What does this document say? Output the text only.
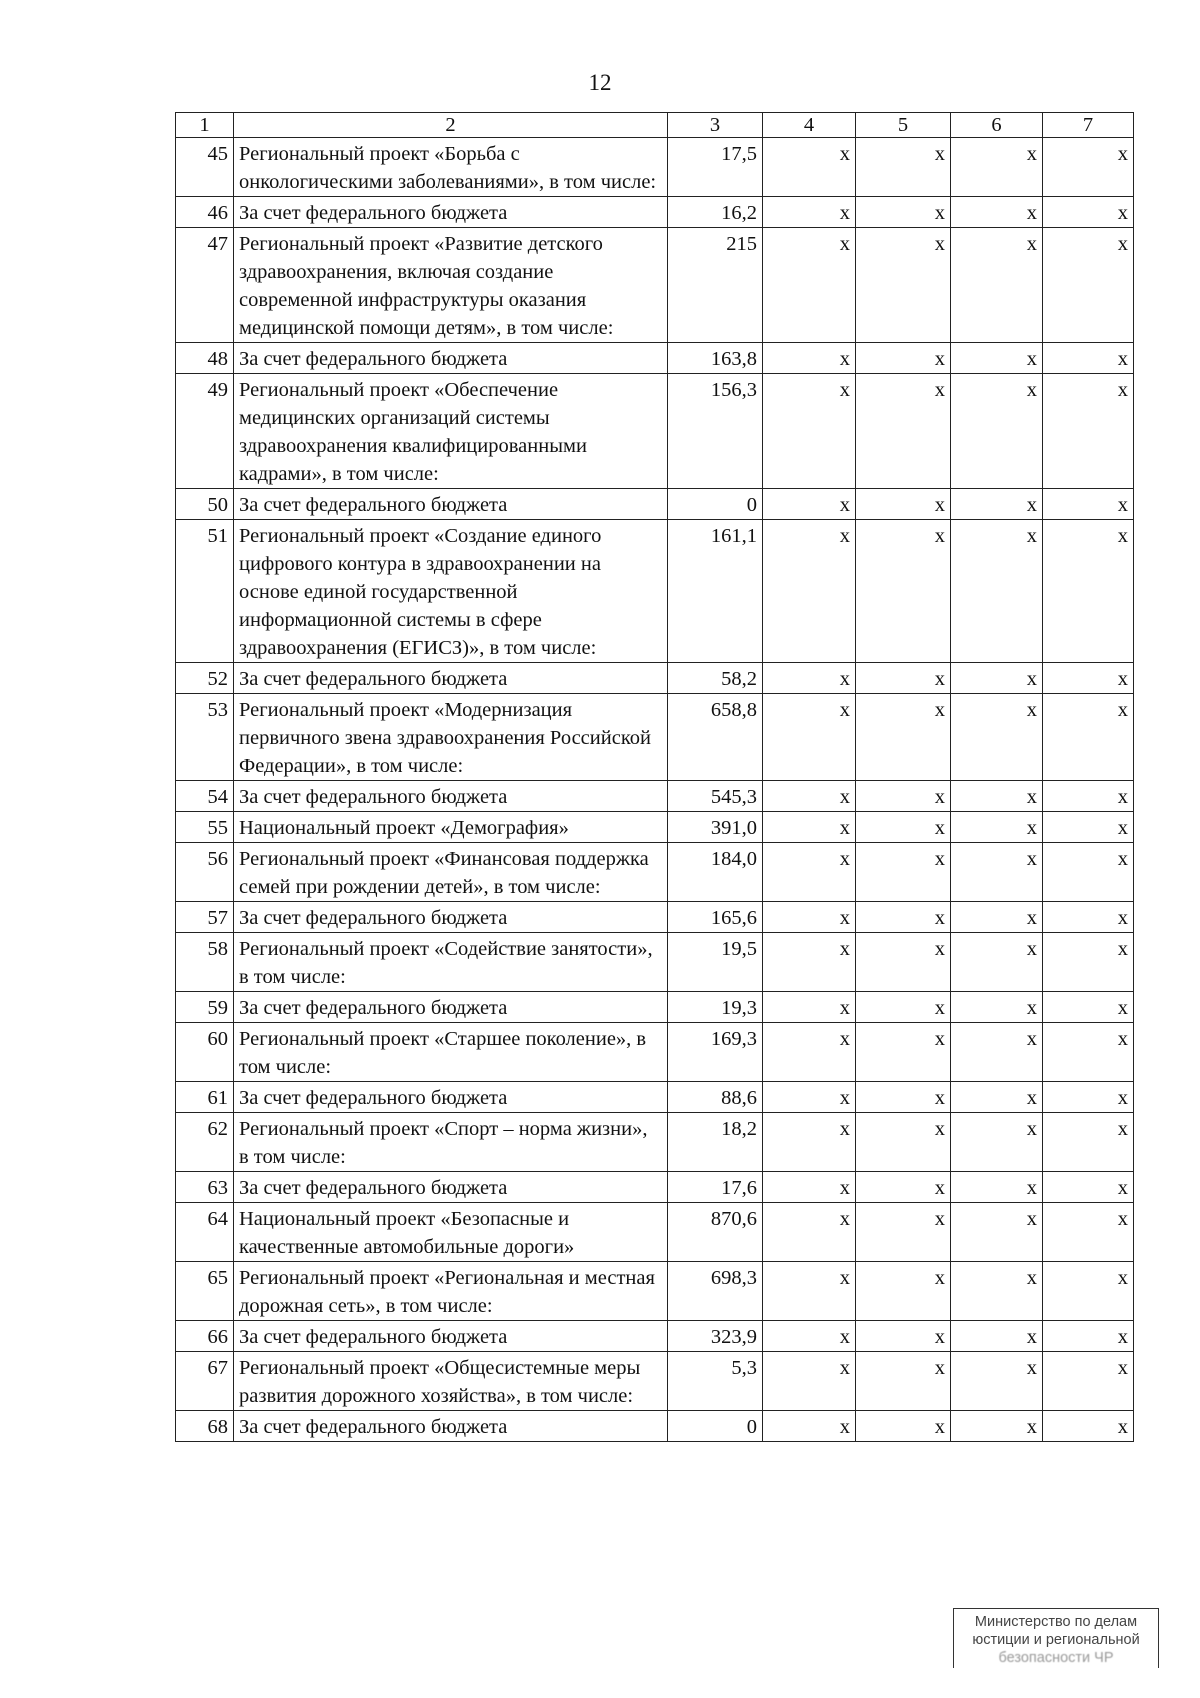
12
1	2	3	4	5	6	7
45	Региональный проект «Борьба с онкологическими заболеваниями», в том числе:	17,5	x	x	x	x
46	За счет федерального бюджета	16,2	x	x	x	x
47	Региональный проект «Развитие детского здравоохранения, включая создание современной инфраструктуры оказания медицинской помощи детям», в том числе:	215	x	x	x	x
48	За счет федерального бюджета	163,8	x	x	x	x
49	Региональный проект «Обеспечение медицинских организаций системы здравоохранения квалифицированными кадрами», в том числе:	156,3	x	x	x	x
50	За счет федерального бюджета	0	x	x	x	x
51	Региональный проект «Создание единого цифрового контура в здравоохранении на основе единой государственной информационной системы в сфере здравоохранения (ЕГИСЗ)», в том числе:	161,1	x	x	x	x
52	За счет федерального бюджета	58,2	x	x	x	x
53	Региональный проект «Модернизация первичного звена здравоохранения Российской Федерации», в том числе:	658,8	x	x	x	x
54	За счет федерального бюджета	545,3	x	x	x	x
55	Национальный проект «Демография»	391,0	x	x	x	x
56	Региональный проект «Финансовая поддержка семей при рождении детей», в том числе:	184,0	x	x	x	x
57	За счет федерального бюджета	165,6	x	x	x	x
58	Региональный проект «Содействие занятости», в том числе:	19,5	x	x	x	x
59	За счет федерального бюджета	19,3	x	x	x	x
60	Региональный проект «Старшее поколение», в том числе:	169,3	x	x	x	x
61	За счет федерального бюджета	88,6	x	x	x	x
62	Региональный проект «Спорт – норма жизни», в том числе:	18,2	x	x	x	x
63	За счет федерального бюджета	17,6	x	x	x	x
64	Национальный проект «Безопасные и качественные автомобильные дороги»	870,6	x	x	x	x
65	Региональный проект «Региональная и местная дорожная сеть», в том числе:	698,3	x	x	x	x
66	За счет федерального бюджета	323,9	x	x	x	x
67	Региональный проект «Общесистемные меры развития дорожного хозяйства», в том числе:	5,3	x	x	x	x
68	За счет федерального бюджета	0	x	x	x	x
Министерство по делам
юстиции и региональной
безопасности ЧР
